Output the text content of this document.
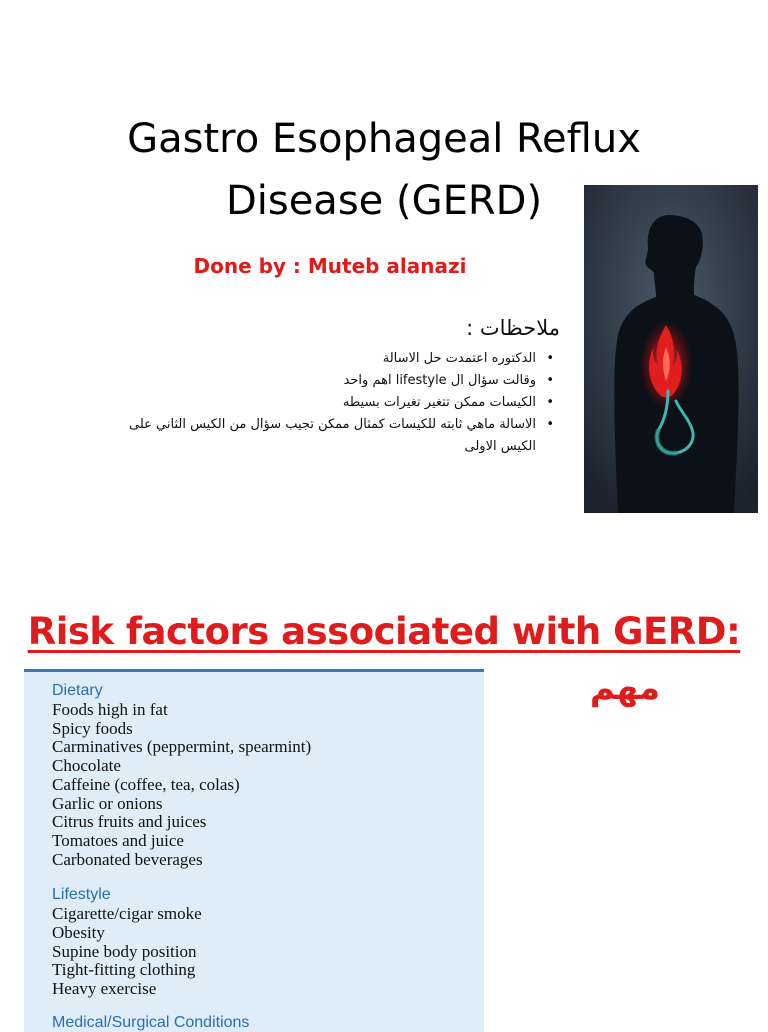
Gastro Esophageal Reflux
Disease (GERD)
Done by : Muteb alanazi
ملاحظات :
•
الدكتوره اعتمدت حل الاسالة
•
وقالت سؤال ال lifestyle اهم واحد
•
الكيسات ممكن تتغير تغيرات بسيطه
•
الاسالة ماهي ثابته للكيسات كمثال ممكن تجيب سؤال من الكيس الثاني على الكيس الاولى
Risk factors associated with GERD:
مهم
Dietary
Foods high in fat
Spicy foods
Carminatives (peppermint, spearmint)
Chocolate
Caffeine (coffee, tea, colas)
Garlic or onions
Citrus fruits and juices
Tomatoes and juice
Carbonated beverages
Lifestyle
Cigarette/cigar smoke
Obesity
Supine body position
Tight-fitting clothing
Heavy exercise
Medical/Surgical Conditions
